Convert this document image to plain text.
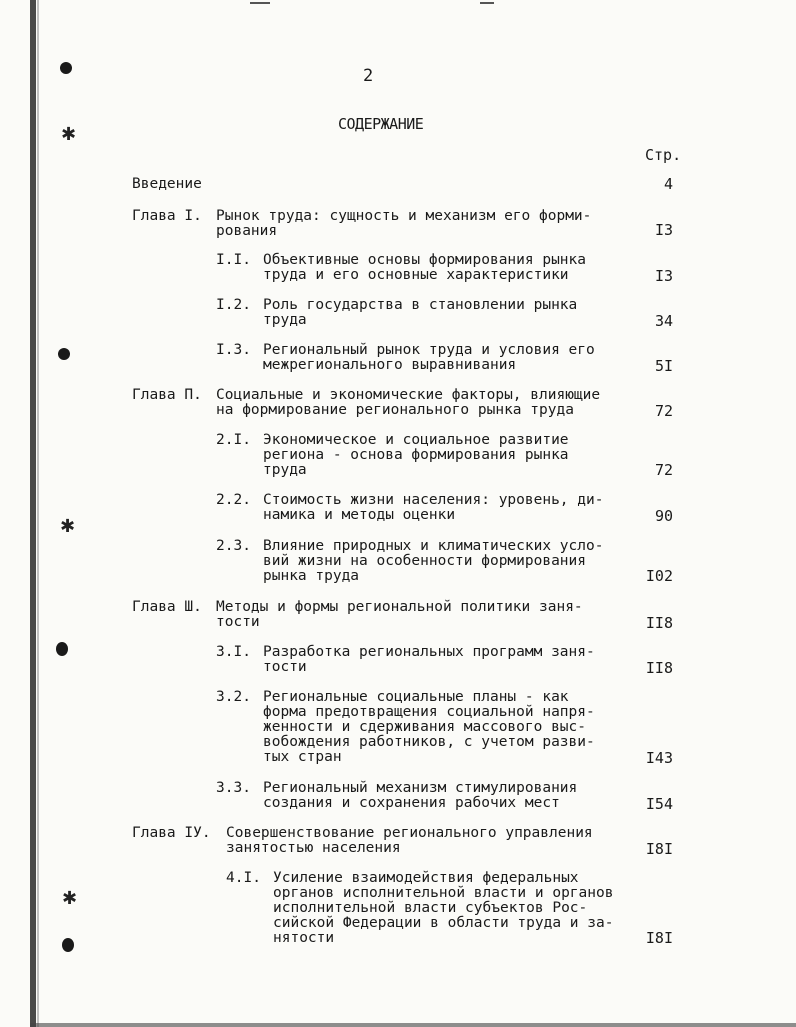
✱
✱
✱
2
СОДЕРЖАНИЕ
Стр.
Введение	4
Глава I. Рынок труда: сущность и механизм его форми-
рования	I3
I.I. Объективные основы формирования рынка
труда и его основные характеристики	I3
I.2. Роль государства в становлении рынка
труда	34
I.3. Региональный рынок труда и условия его
межрегионального выравнивания	5I
Глава П. Социальные и экономические факторы, влияющие
на формирование регионального рынка труда	72
2.I. Экономическое и социальное развитие
региона - основа формирования рынка
труда	72
2.2. Стоимость жизни населения: уровень, ди-
намика и методы оценки	90
2.3. Влияние природных и климатических усло-
вий жизни на особенности формирования
рынка труда	I02
Глава Ш. Методы и формы региональной политики заня-
тости	II8
3.I. Разработка региональных программ заня-
тости	II8
3.2. Региональные социальные планы - как
форма предотвращения социальной напря-
женности и сдерживания массового выс-
вобождения работников, с учетом разви-
тых стран	I43
3.3. Региональный механизм стимулирования
создания и сохранения рабочих мест	I54
Глава IУ. Совершенствование регионального управления
занятостью населения	I8I
4.I. Усиление взаимодействия федеральных
органов исполнительной власти и органов
исполнительной власти субъектов Рос-
сийской Федерации в области труда и за-
нятости	I8I
